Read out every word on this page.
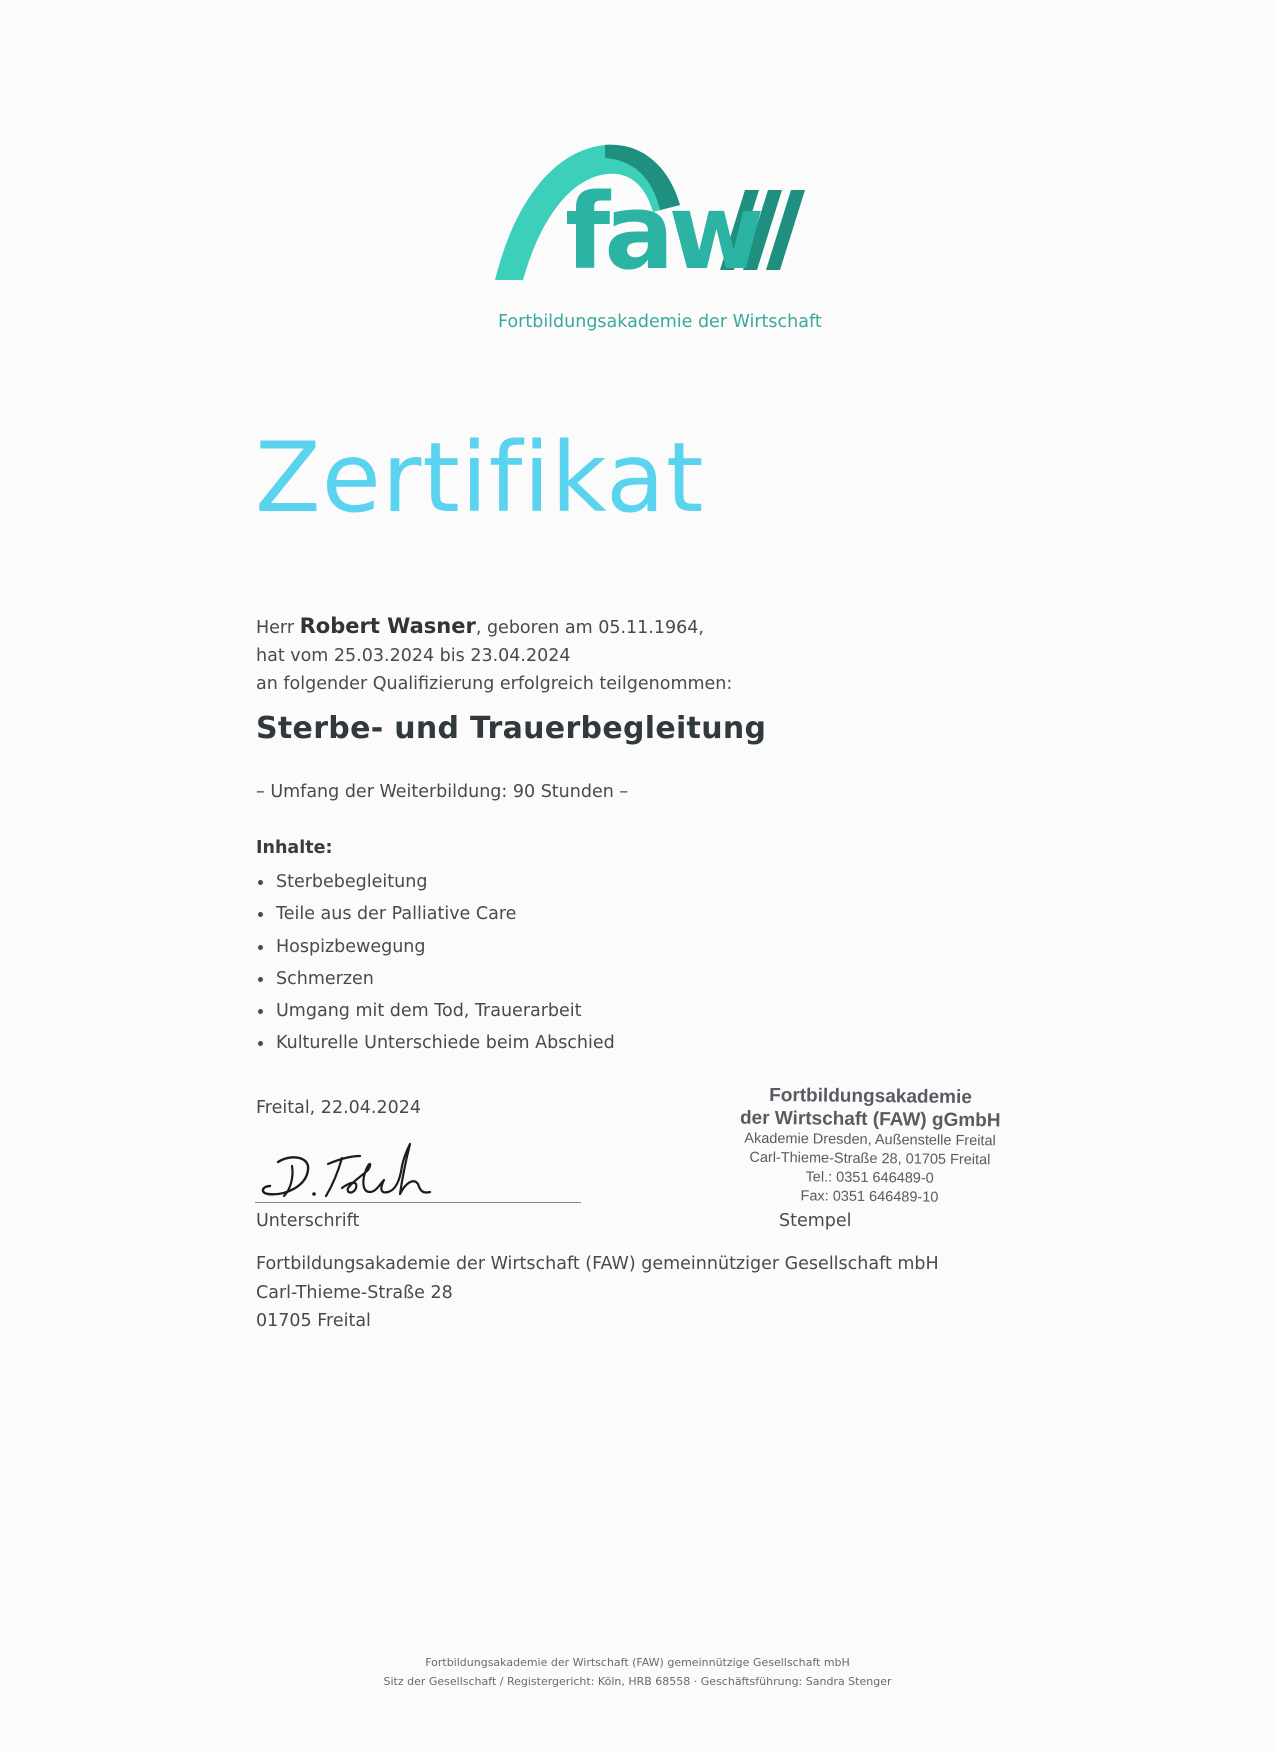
faw
Fortbildungsakademie der Wirtschaft
Zertifikat
Herr Robert Wasner, geboren am 05.11.1964,
hat vom 25.03.2024 bis 23.04.2024
an folgender Qualifizierung erfolgreich teilgenommen:
Sterbe- und Trauerbegleitung
– Umfang der Weiterbildung: 90 Stunden –
Inhalte:
Sterbebegleitung
Teile aus der Palliative Care
Hospizbewegung
Schmerzen
Umgang mit dem Tod, Trauerarbeit
Kulturelle Unterschiede beim Abschied
Freital, 22.04.2024
Unterschrift
Fortbildungsakademie
der Wirtschaft (FAW) gGmbH
Akademie Dresden, Außenstelle Freital
Carl-Thieme-Straße 28, 01705 Freital
Tel.: 0351 646489-0
Fax: 0351 646489-10
Stempel
Fortbildungsakademie der Wirtschaft (FAW) gemeinnütziger Gesellschaft mbH
Carl-Thieme-Straße 28
01705 Freital
Fortbildungsakademie der Wirtschaft (FAW) gemeinnützige Gesellschaft mbH
Sitz der Gesellschaft / Registergericht: Köln, HRB 68558 · Geschäftsführung: Sandra Stenger
